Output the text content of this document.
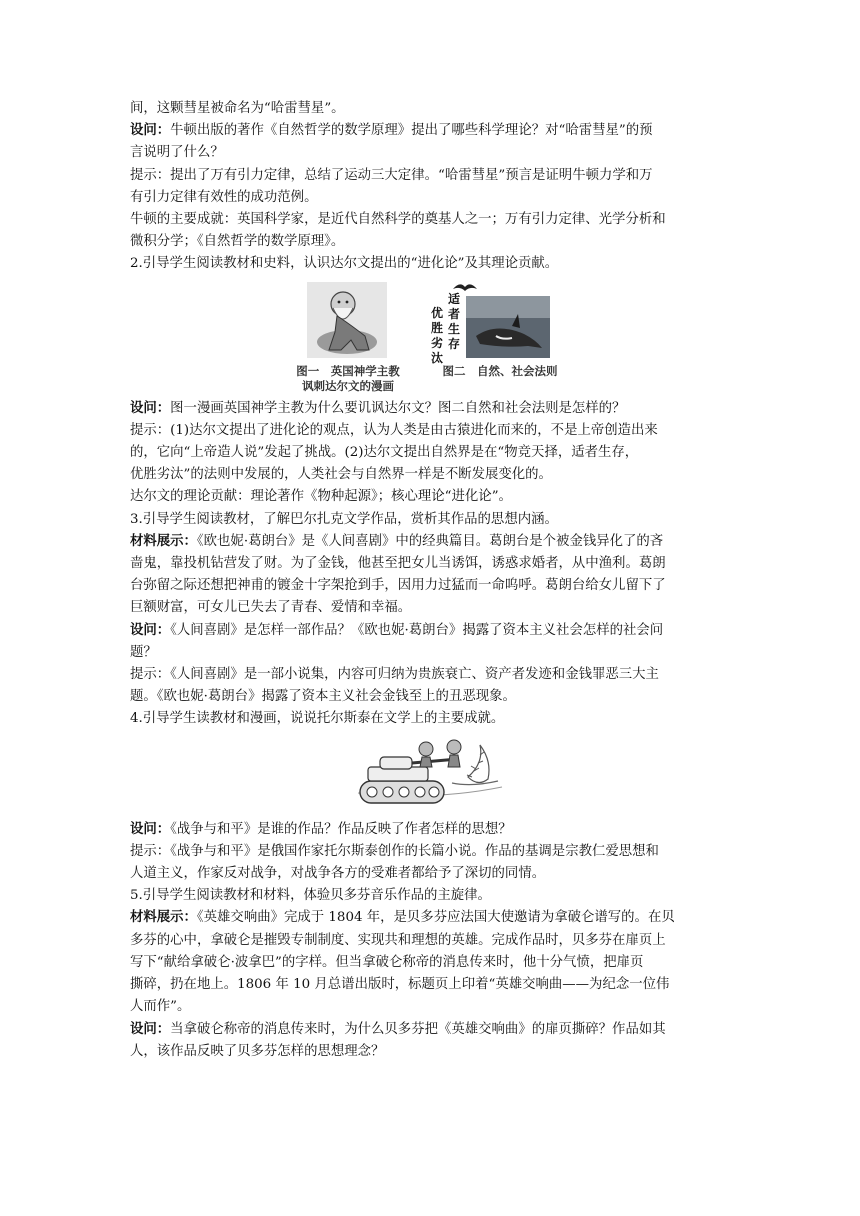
间，这颗彗星被命名为“哈雷彗星”。
设问：牛顿出版的著作《自然哲学的数学原理》提出了哪些科学理论？对“哈雷彗星”的预
言说明了什么？
提示：提出了万有引力定律，总结了运动三大定律。“哈雷彗星”预言是证明牛顿力学和万
有引力定律有效性的成功范例。
牛顿的主要成就：英国科学家，是近代自然科学的奠基人之一；万有引力定律、光学分析和
微积分学；《自然哲学的数学原理》。
2.引导学生阅读教材和史料，认识达尔文提出的“进化论”及其理论贡献。
图一　英国神学主教
讽刺达尔文的漫画
优胜劣汰
适者生存
图二　自然、社会法则
设问：图一漫画英国神学主教为什么要讥讽达尔文？图二自然和社会法则是怎样的？
提示：(1)达尔文提出了进化论的观点，认为人类是由古猿进化而来的，不是上帝创造出来
的，它向“上帝造人说”发起了挑战。(2)达尔文提出自然界是在“物竞天择，适者生存，
优胜劣汰”的法则中发展的，人类社会与自然界一样是不断发展变化的。
达尔文的理论贡献：理论著作《物种起源》；核心理论“进化论”。
3.引导学生阅读教材，了解巴尔扎克文学作品，赏析其作品的思想内涵。
材料展示：《欧也妮·葛朗台》是《人间喜剧》中的经典篇目。葛朗台是个被金钱异化了的吝
啬鬼，靠投机钻营发了财。为了金钱，他甚至把女儿当诱饵，诱惑求婚者，从中渔利。葛朗
台弥留之际还想把神甫的镀金十字架抢到手，因用力过猛而一命呜呼。葛朗台给女儿留下了
巨额财富，可女儿已失去了青春、爱情和幸福。
设问：《人间喜剧》是怎样一部作品？《欧也妮·葛朗台》揭露了资本主义社会怎样的社会问
题？
提示：《人间喜剧》是一部小说集，内容可归纳为贵族衰亡、资产者发迹和金钱罪恶三大主
题。《欧也妮·葛朗台》揭露了资本主义社会金钱至上的丑恶现象。
4.引导学生读教材和漫画，说说托尔斯泰在文学上的主要成就。
设问：《战争与和平》是谁的作品？作品反映了作者怎样的思想？
提示：《战争与和平》是俄国作家托尔斯泰创作的长篇小说。作品的基调是宗教仁爱思想和
人道主义，作家反对战争，对战争各方的受难者都给予了深切的同情。
5.引导学生阅读教材和材料，体验贝多芬音乐作品的主旋律。
材料展示：《英雄交响曲》完成于 1804 年，是贝多芬应法国大使邀请为拿破仑谱写的。在贝
多芬的心中，拿破仑是摧毁专制制度、实现共和理想的英雄。完成作品时，贝多芬在扉页上
写下“献给拿破仑·波拿巴”的字样。但当拿破仑称帝的消息传来时，他十分气愤，把扉页
撕碎，扔在地上。1806 年 10 月总谱出版时，标题页上印着“英雄交响曲——为纪念一位伟
人而作”。
设问：当拿破仑称帝的消息传来时，为什么贝多芬把《英雄交响曲》的扉页撕碎？作品如其
人，该作品反映了贝多芬怎样的思想理念？
